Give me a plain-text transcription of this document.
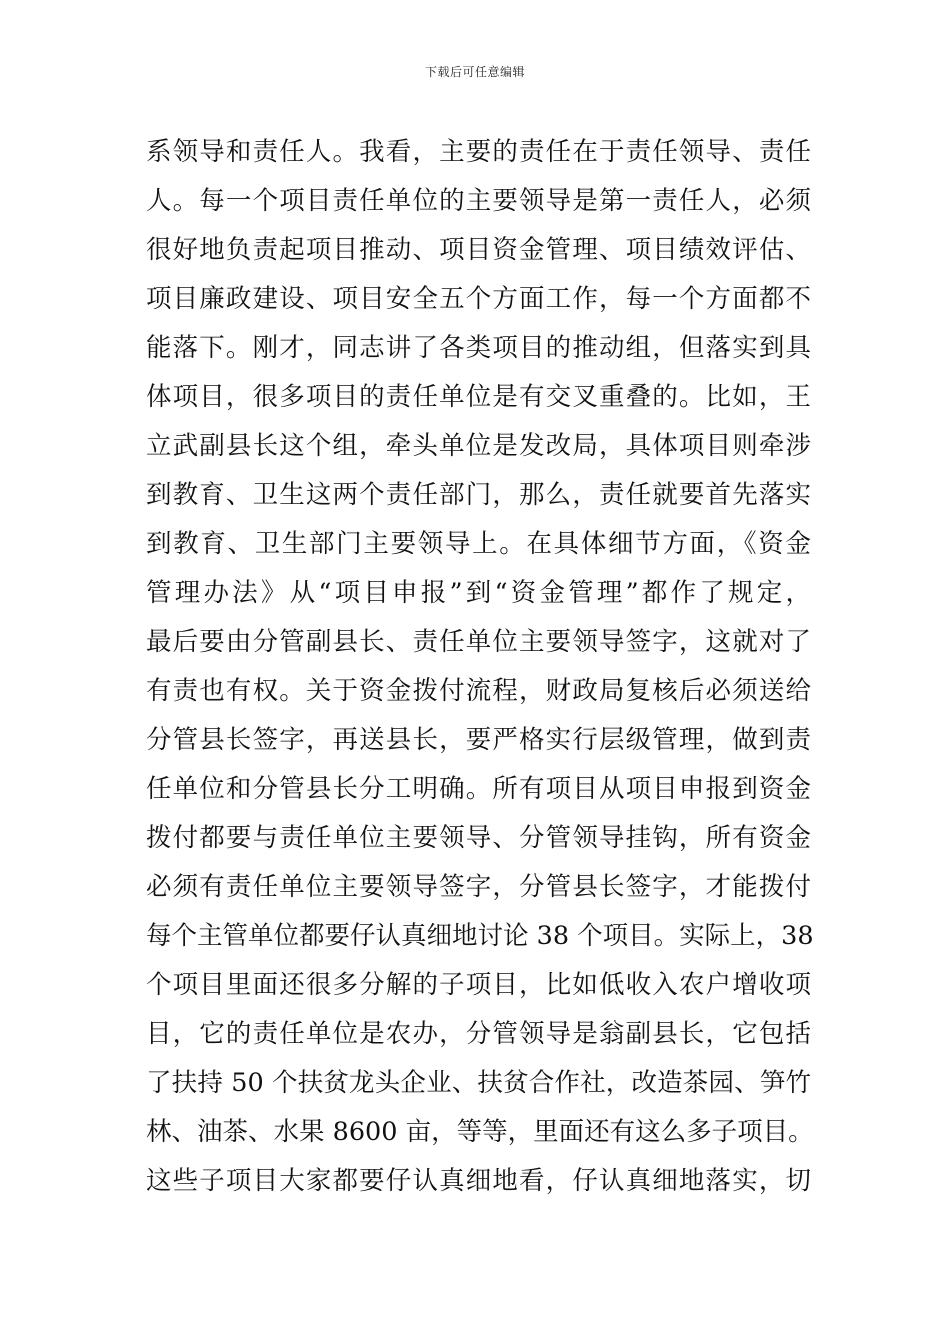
下载后可任意编辑
系领导和责任人。我看，主要的责任在于责任领导、责任
人。每一个项目责任单位的主要领导是第一责任人，必须
很好地负责起项目推动、项目资金管理、项目绩效评估、
项目廉政建设、项目安全五个方面工作，每一个方面都不
能落下。刚才，同志讲了各类项目的推动组，但落实到具
体项目，很多项目的责任单位是有交叉重叠的。比如，王
立武副县长这个组，牵头单位是发改局，具体项目则牵涉
到教育、卫生这两个责任部门，那么，责任就要首先落实
到教育、卫生部门主要领导上。在具体细节方面，《资金
管理办法》从“项目申报”到“资金管理”都作了规定，
最后要由分管副县长、责任单位主要领导签字，这就对了
有责也有权。关于资金拨付流程，财政局复核后必须送给
分管县长签字，再送县长，要严格实行层级管理，做到责
任单位和分管县长分工明确。所有项目从项目申报到资金
拨付都要与责任单位主要领导、分管领导挂钩，所有资金
必须有责任单位主要领导签字，分管县长签字，才能拨付
每个主管单位都要仔认真细地讨论 38 个项目。实际上，38
个项目里面还很多分解的子项目，比如低收入农户增收项
目，它的责任单位是农办，分管领导是翁副县长，它包括
了扶持 50 个扶贫龙头企业、扶贫合作社，改造茶园、笋竹
林、油茶、水果 8600 亩，等等，里面还有这么多子项目。
这些子项目大家都要仔认真细地看，仔认真细地落实，切
